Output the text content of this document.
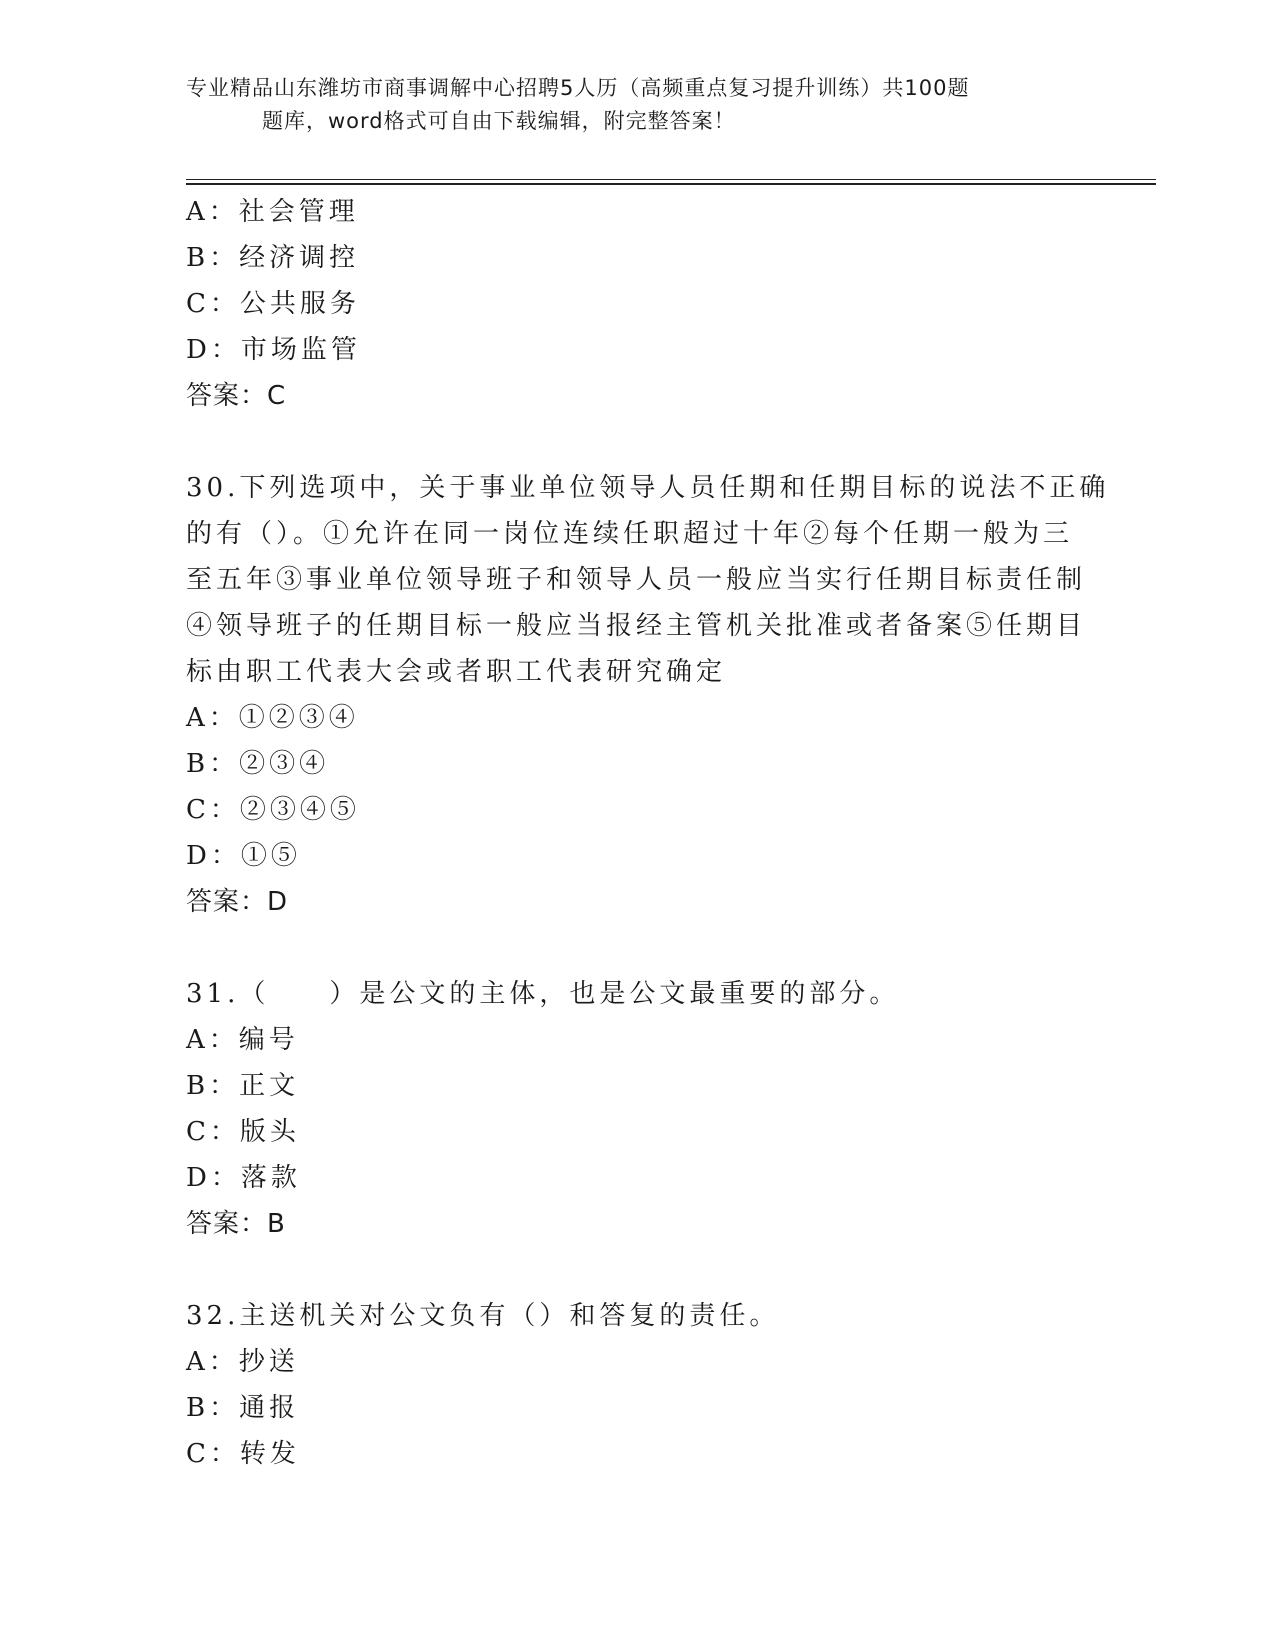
专业精品山东潍坊市商事调解中心招聘5人历（高频重点复习提升训练）共100题
题库，word格式可自由下载编辑，附完整答案！
A：社会管理
B：经济调控
C：公共服务
D：市场监管
答案：C
30.下列选项中，关于事业单位领导人员任期和任期目标的说法不正确
的有（）。①允许在同一岗位连续任职超过十年②每个任期一般为三
至五年③事业单位领导班子和领导人员一般应当实行任期目标责任制
④领导班子的任期目标一般应当报经主管机关批准或者备案⑤任期目
标由职工代表大会或者职工代表研究确定
A：①②③④
B：②③④
C：②③④⑤
D：①⑤
答案：D
31.（　　）是公文的主体，也是公文最重要的部分。
A：编号
B：正文
C：版头
D：落款
答案：B
32.主送机关对公文负有（）和答复的责任。
A：抄送
B：通报
C：转发
